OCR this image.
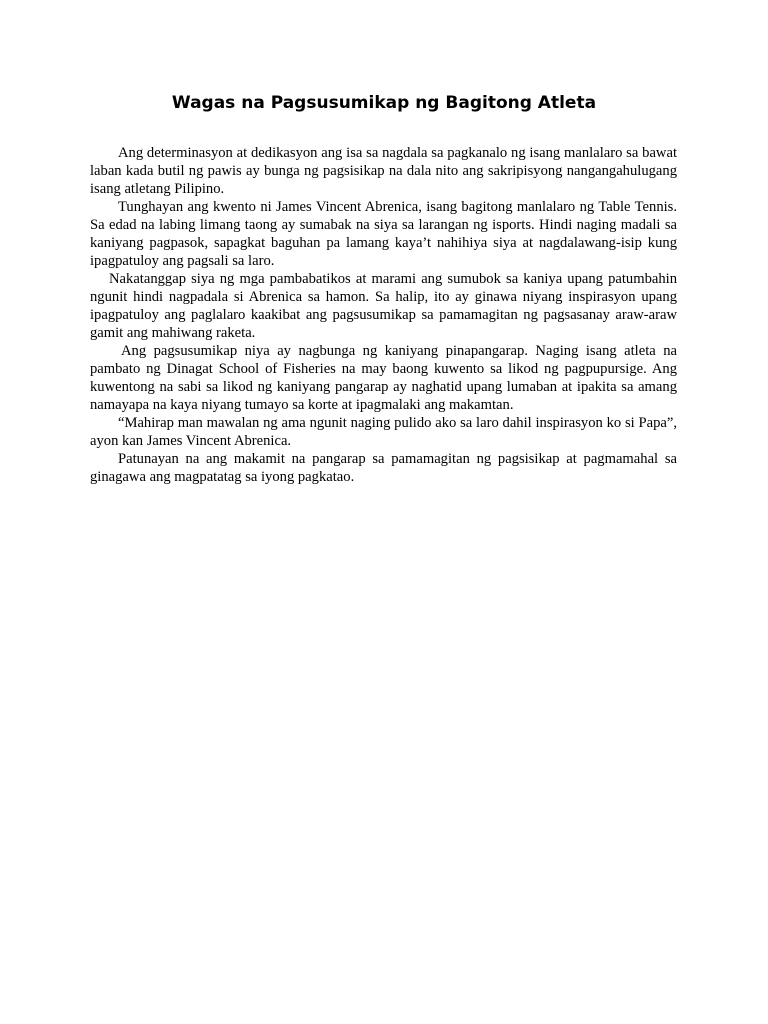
Wagas na Pagsusumikap ng Bagitong Atleta

Ang determinasyon at dedikasyon ang isa sa nagdala sa pagkanalo ng isang manlalaro sa bawat laban kada butil ng pawis ay bunga ng pagsisikap na dala nito ang sakripisyong nangangahulugang isang atletang Pilipino.

Tunghayan ang kwento ni James Vincent Abrenica, isang bagitong manlalaro ng Table Tennis. Sa edad na labing limang taong ay sumabak na siya sa larangan ng isports. Hindi naging madali sa kaniyang pagpasok, sapagkat baguhan pa lamang kaya’t nahihiya siya at nagdalawang-isip kung ipagpatuloy ang pagsali sa laro.

Nakatanggap siya ng mga pambabatikos at marami ang sumubok sa kaniya upang patumbahin ngunit hindi nagpadala si Abrenica sa hamon. Sa halip, ito ay ginawa niyang inspirasyon upang ipagpatuloy ang paglalaro kaakibat ang pagsusumikap sa pamamagitan ng pagsasanay araw-araw gamit ang mahiwang raketa.

Ang pagsusumikap niya ay nagbunga ng kaniyang pinapangarap. Naging isang atleta na pambato ng Dinagat School of Fisheries na may baong kuwento sa likod ng pagpupursige. Ang kuwentong na sabi sa likod ng kaniyang pangarap ay naghatid upang lumaban at ipakita sa amang namayapa na kaya niyang tumayo sa korte at ipagmalaki ang makamtan.

“Mahirap man mawalan ng ama ngunit naging pulido ako sa laro dahil inspirasyon ko si Papa”, ayon kan James Vincent Abrenica.

Patunayan na ang makamit na pangarap sa pamamagitan ng pagsisikap at pagmamahal sa ginagawa ang magpatatag sa iyong pagkatao.
